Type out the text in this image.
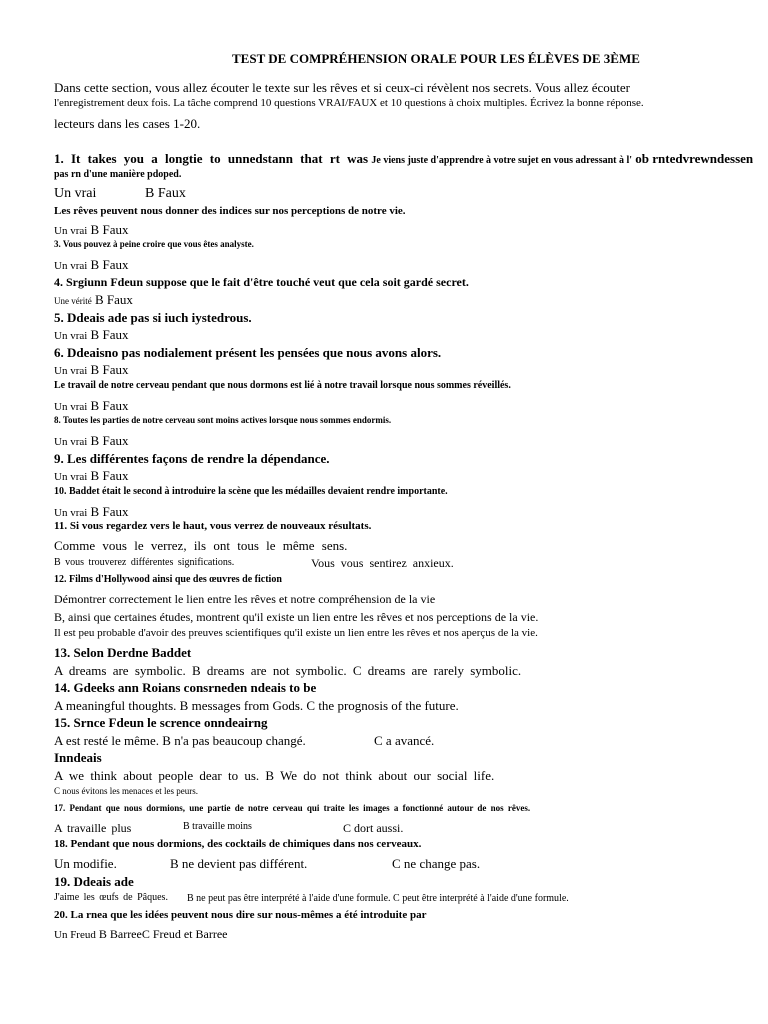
TEST DE COMPRÉHENSION ORALE POUR LES ÉLÈVES DE 3ÈME
Dans cette section, vous allez écouter le texte sur les rêves et si ceux-ci révèlent nos secrets. Vous allez écouter
l'enregistrement deux fois. La tâche comprend 10 questions VRAI/FAUX et 10 questions à choix multiples. Écrivez la bonne réponse.
lecteurs dans les cases 1-20.
1. It takes you a longtie to unnedstann that rt was Je viens juste d'apprendre à votre sujet en vous adressant à l' ob rntedvrewndessen
pas rn d'une manière pdoped.
Un vrai	B Faux
Les rêves peuvent nous donner des indices sur nos perceptions de notre vie.
Un vrai B Faux
3. Vous pouvez à peine croire que vous êtes analyste.
Un vrai B Faux
4. Srgiunn Fdeun suppose que le fait d'être touché veut que cela soit gardé secret.
Une vérité B Faux
5. Ddeais ade pas si iuch iystedrous.
Un vrai B Faux
6. Ddeaisno pas nodialement présent les pensées que nous avons alors.
Un vrai B Faux
Le travail de notre cerveau pendant que nous dormons est lié à notre travail lorsque nous sommes réveillés.
Un vrai B Faux
8. Toutes les parties de notre cerveau sont moins actives lorsque nous sommes endormis.
Un vrai B Faux
9. Les différentes façons de rendre la dépendance.
Un vrai B Faux
10. Baddet était le second à introduire la scène que les médailles devaient rendre importante.
Un vrai B Faux
11. Si vous regardez vers le haut, vous verrez de nouveaux résultats.
Comme vous le verrez, ils ont tous le même sens.
B vous trouverez différentes significations.	Vous vous sentirez anxieux.
12. Films d'Hollywood ainsi que des œuvres de fiction
Démontrer correctement le lien entre les rêves et notre compréhension de la vie
B, ainsi que certaines études, montrent qu'il existe un lien entre les rêves et nos perceptions de la vie.
Il est peu probable d'avoir des preuves scientifiques qu'il existe un lien entre les rêves et nos aperçus de la vie.
13. Selon Derdne Baddet
A dreams are symbolic. B dreams are not symbolic. C dreams are rarely symbolic.
14. Gdeeks ann Roians consrneden ndeais to be
A meaningful thoughts. B messages from Gods. C the prognosis of the future.
15. Srnce Fdeun le scrence onndeairng
A est resté le même. B n'a pas beaucoup changé.	C a avancé.
Inndeais
A we think about people dear to us. B We do not think about our social life.
C nous évitons les menaces et les peurs.
17. Pendant que nous dormions, une partie de notre cerveau qui traite les images a fonctionné autour de nos rêves.
A travaille plus	B travaille moins	C dort aussi.
18. Pendant que nous dormions, des cocktails de chimiques dans nos cerveaux.
Un modifie.	B ne devient pas différent.	C ne change pas.
19. Ddeais ade
J'aime les œufs de Pâques. B ne peut pas être interprété à l'aide d'une formule. C peut être interprété à l'aide d'une formule.
20. La rnea que les idées peuvent nous dire sur nous-mêmes a été introduite par
Un Freud B BarreeC Freud et Barree
